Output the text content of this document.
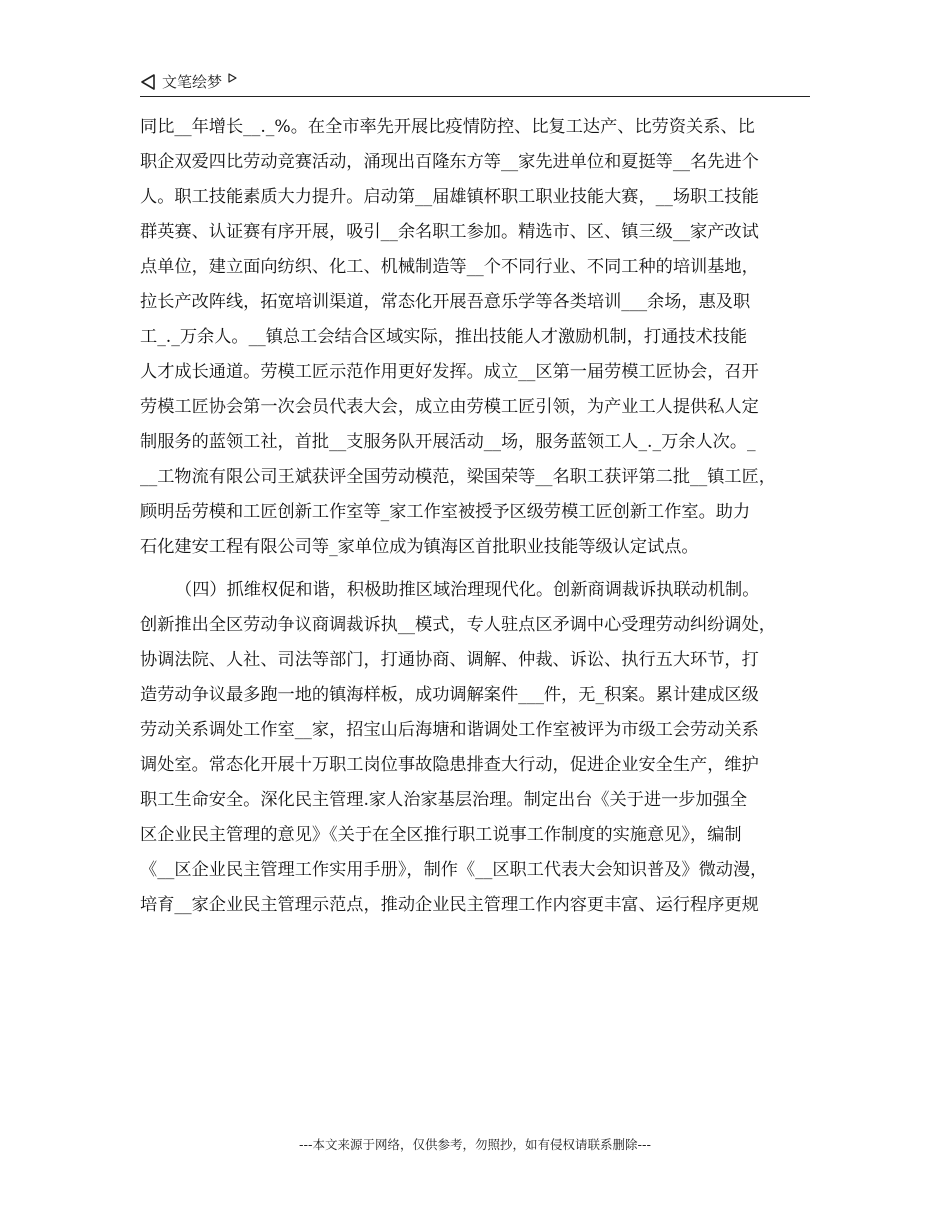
文笔绘梦
同比__年增长__._%。在全市率先开展比疫情防控、比复工达产、比劳资关系、比
职企双爱四比劳动竞赛活动，涌现出百隆东方等__家先进单位和夏挺等__名先进个
人。职工技能素质大力提升。启动第__届雄镇杯职工职业技能大赛，__场职工技能
群英赛、认证赛有序开展，吸引__余名职工参加。精选市、区、镇三级__家产改试
点单位，建立面向纺织、化工、机械制造等__个不同行业、不同工种的培训基地，
拉长产改阵线，拓宽培训渠道，常态化开展吾意乐学等各类培训___余场，惠及职
工_._万余人。__镇总工会结合区域实际，推出技能人才激励机制，打通技术技能
人才成长通道。劳模工匠示范作用更好发挥。成立__区第一届劳模工匠协会，召开
劳模工匠协会第一次会员代表大会，成立由劳模工匠引领，为产业工人提供私人定
制服务的蓝领工社，首批__支服务队开展活动__场，服务蓝领工人_._万余人次。_
__工物流有限公司王斌获评全国劳动模范，梁国荣等__名职工获评第二批__镇工匠，
顾明岳劳模和工匠创新工作室等_家工作室被授予区级劳模工匠创新工作室。助力
石化建安工程有限公司等_家单位成为镇海区首批职业技能等级认定试点。
（四）抓维权促和谐，积极助推区域治理现代化。创新商调裁诉执联动机制。
创新推出全区劳动争议商调裁诉执__模式，专人驻点区矛调中心受理劳动纠纷调处，
协调法院、人社、司法等部门，打通协商、调解、仲裁、诉讼、执行五大环节，打
造劳动争议最多跑一地的镇海样板，成功调解案件___件，无_积案。累计建成区级
劳动关系调处工作室__家，招宝山后海塘和谐调处工作室被评为市级工会劳动关系
调处室。常态化开展十万职工岗位事故隐患排查大行动，促进企业安全生产，维护
职工生命安全。深化民主管理.家人治家基层治理。制定出台《关于进一步加强全
区企业民主管理的意见》《关于在全区推行职工说事工作制度的实施意见》，编制
《__区企业民主管理工作实用手册》，制作《__区职工代表大会知识普及》微动漫，
培育__家企业民主管理示范点，推动企业民主管理工作内容更丰富、运行程序更规
---本文来源于网络，仅供参考，勿照抄，如有侵权请联系删除---
